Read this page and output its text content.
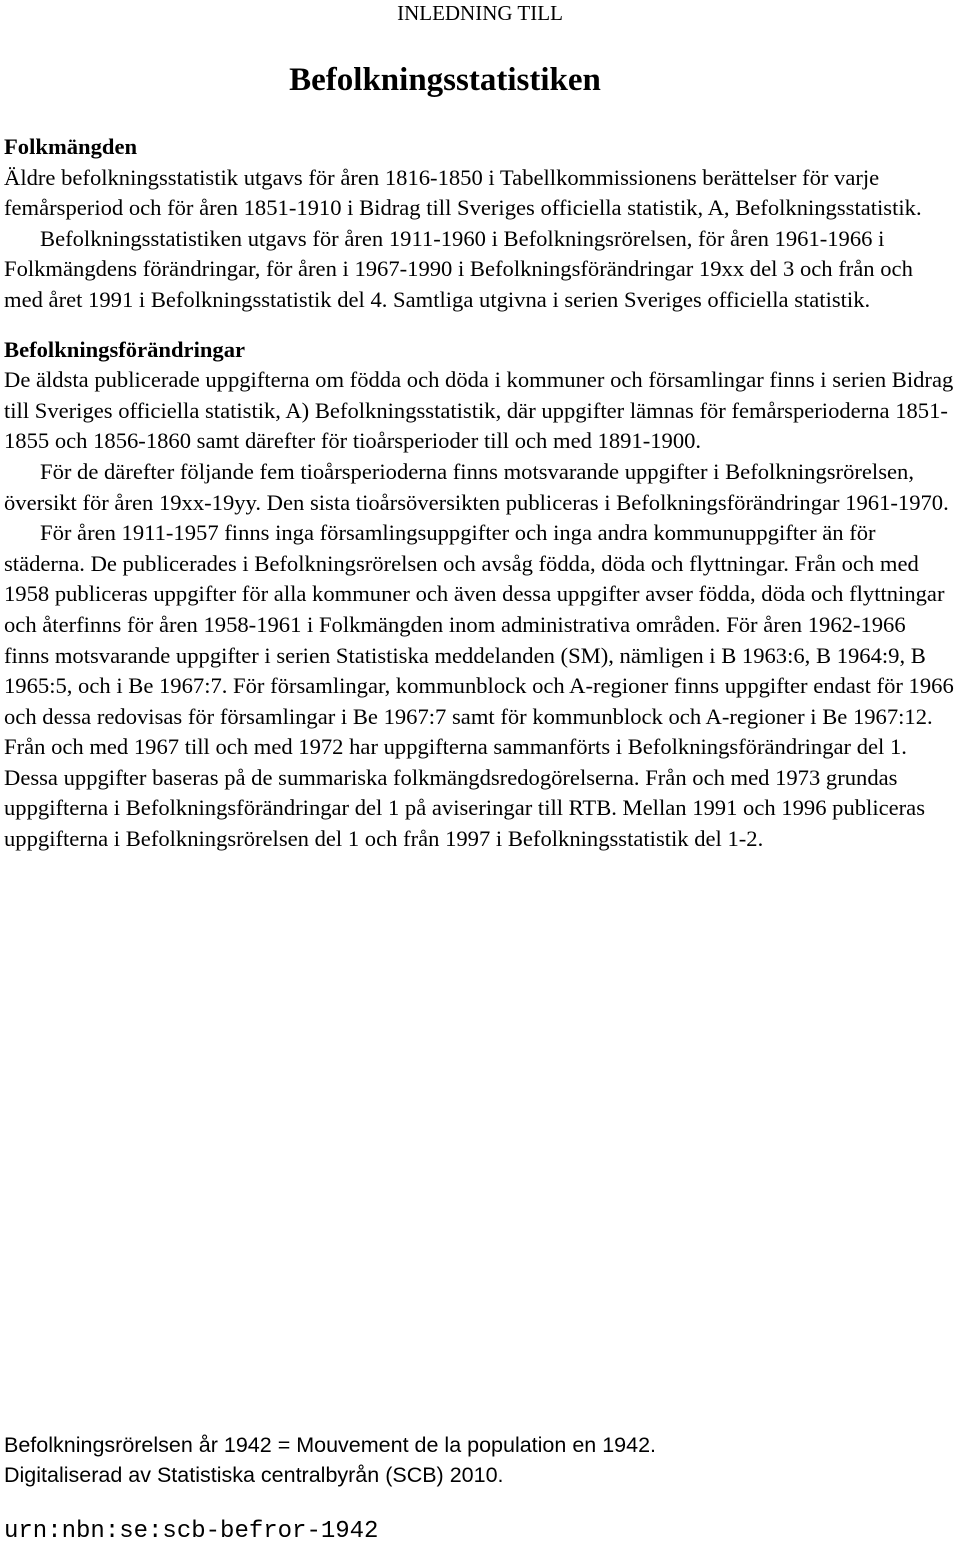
INLEDNING TILL
Befolkningsstatistiken

Folkmängden

Äldre befolkningsstatistik utgavs för åren 1816-1850 i Tabellkommissionens berättelser för varje femårsperiod och för åren 1851-1910 i Bidrag till Sveriges officiella statistik, A, Befolkningsstatistik.

Befolkningsstatistiken utgavs för åren 1911-1960 i Befolkningsrörelsen, för åren 1961-1966 i Folkmängdens förändringar, för åren i 1967-1990 i Befolkningsförändringar 19xx del 3 och från och med året 1991 i Befolkningsstatistik del 4. Samtliga utgivna i serien Sveriges officiella statistik.

Befolkningsförändringar

De äldsta publicerade uppgifterna om födda och döda i kommuner och församlingar finns i serien Bidrag till Sveriges officiella statistik, A) Befolkningsstatistik, där uppgifter lämnas för femårsperioderna 1851-1855 och 1856-1860 samt därefter för tioårsperioder till och med 1891-1900.

För de därefter följande fem tioårsperioderna finns motsvarande uppgifter i Befolkningsrörelsen, översikt för åren 19xx-19yy. Den sista tioårsöversikten publiceras i Befolkningsförändringar 1961-1970.

För åren 1911-1957 finns inga församlingsuppgifter och inga andra kommunuppgifter än för städerna. De publicerades i Befolkningsrörelsen och avsåg födda, döda och flyttningar. Från och med 1958 publiceras uppgifter för alla kommuner och även dessa uppgifter avser födda, döda och flyttningar och återfinns för åren 1958-1961 i Folkmängden inom administrativa områden. För åren 1962-1966 finns motsvarande uppgifter i serien Statistiska meddelanden (SM), nämligen i B 1963:6, B 1964:9, B 1965:5, och i Be 1967:7. För församlingar, kommunblock och A-regioner finns uppgifter endast för 1966 och dessa redovisas för församlingar i Be 1967:7 samt för kommunblock och A-regioner i Be 1967:12. Från och med 1967 till och med 1972 har uppgifterna sammanförts i Befolkningsförändringar del 1. Dessa uppgifter baseras på de summariska folkmängdsredogörelserna. Från och med 1973 grundas uppgifterna i Befolkningsförändringar del 1 på aviseringar till RTB. Mellan 1991 och 1996 publiceras uppgifterna i Befolkningsrörelsen del 1 och från 1997 i Befolkningsstatistik del 1-2.

Befolkningsrörelsen år 1942 = Mouvement de la population en 1942.

Digitaliserad av Statistiska centralbyrån (SCB) 2010.

urn:nbn:se:scb-befror-1942
